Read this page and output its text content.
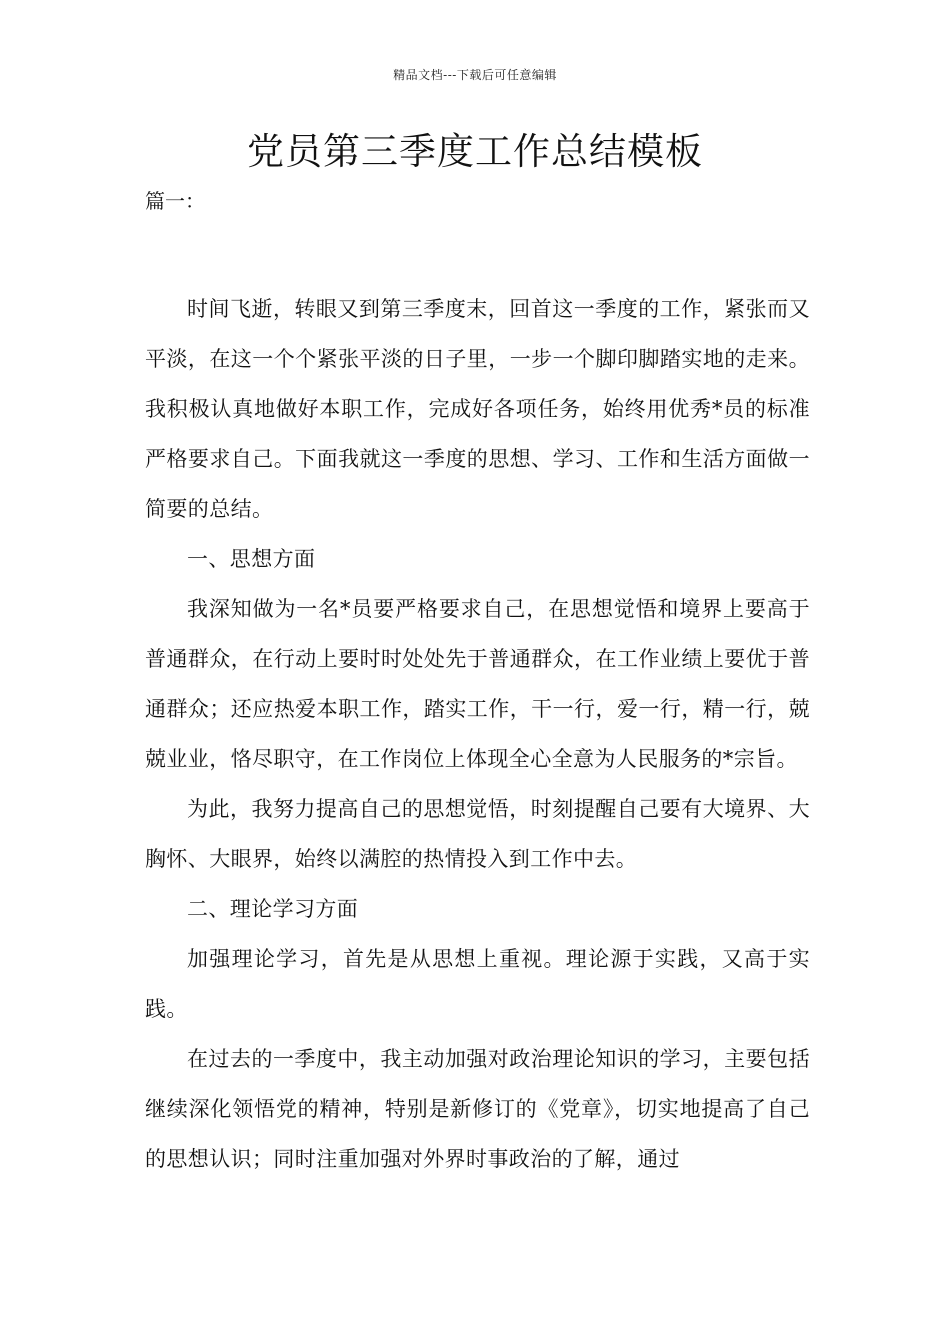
精品文档---下载后可任意编辑
党员第三季度工作总结模板
篇一：

时间飞逝，转眼又到第三季度末，回首这一季度的工作，紧张而又平淡，在这一个个紧张平淡的日子里，一步一个脚印脚踏实地的走来。我积极认真地做好本职工作，完成好各项任务，始终用优秀*员的标准严格要求自己。下面我就这一季度的思想、学习、工作和生活方面做一简要的总结。

一、思想方面

我深知做为一名*员要严格要求自己，在思想觉悟和境界上要高于普通群众，在行动上要时时处处先于普通群众，在工作业绩上要优于普通群众；还应热爱本职工作，踏实工作，干一行，爱一行，精一行，兢兢业业，恪尽职守，在工作岗位上体现全心全意为人民服务的*宗旨。

为此，我努力提高自己的思想觉悟，时刻提醒自己要有大境界、大胸怀、大眼界，始终以满腔的热情投入到工作中去。

二、理论学习方面

加强理论学习，首先是从思想上重视。理论源于实践，又高于实践。

在过去的一季度中，我主动加强对政治理论知识的学习，主要包括继续深化领悟党的精神，特别是新修订的《党章》，切实地提高了自己的思想认识；同时注重加强对外界时事政治的了解，通过
